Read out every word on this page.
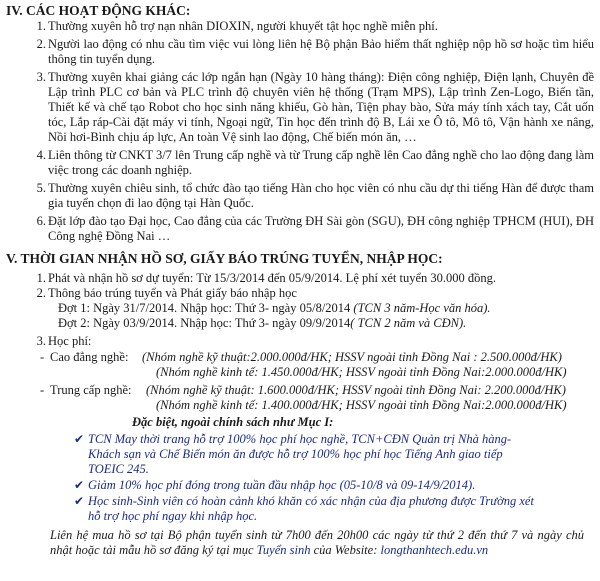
IV. CÁC HOẠT ĐỘNG KHÁC:

1. Thường xuyên hỗ trợ nạn nhân DIOXIN, người khuyết tật học nghề miễn phí.
2. Người lao động có nhu cầu tìm việc vui lòng liên hệ Bộ phận Bảo hiểm thất nghiệp nộp hồ sơ hoặc tìm hiểu thông tin tuyển dụng.
3. Thường xuyên khai giảng các lớp ngắn hạn (Ngày 10 hàng tháng): Điện công nghiệp, Điện lạnh, Chuyên đề Lập trình PLC cơ bản và PLC trình độ chuyên viên hệ thống (Trạm MPS), Lập trình Zen-Logo, Biến tần, Thiết kế và chế tạo Robot cho học sinh năng khiếu, Gò hàn, Tiện phay bào, Sửa máy tính xách tay, Cắt uốn tóc, Lắp ráp-Cài đặt máy vi tính, Ngoại ngữ, Tin học đến trình độ B, Lái xe Ô tô, Mô tô, Vận hành xe nâng, Nồi hơi-Bình chịu áp lực, An toàn Vệ sinh lao động, Chế biến món ăn, …
4. Liên thông từ CNKT 3/7 lên Trung cấp nghề và từ Trung cấp nghề lên Cao đẳng nghề cho lao động đang làm việc trong các doanh nghiệp.
5. Thường xuyên chiêu sinh, tổ chức đào tạo tiếng Hàn cho học viên có nhu cầu dự thi tiếng Hàn để được tham gia tuyển chọn đi lao động tại Hàn Quốc.
6. Đặt lớp đào tạo Đại học, Cao đẳng của các Trường ĐH Sài gòn (SGU), ĐH công nghiệp TPHCM (HUI), ĐH Công nghệ Đồng Nai …

V. THỜI GIAN NHẬN HỒ SƠ, GIẤY BÁO TRÚNG TUYỂN, NHẬP HỌC:

1. Phát và nhận hồ sơ dự tuyển: Từ 15/3/2014 đến 05/9/2014. Lệ phí xét tuyển 30.000 đồng.
2. Thông báo trúng tuyển và Phát giấy báo nhập học
Đợt 1: Ngày 31/7/2014. Nhập học: Thứ 3- ngày 05/8/2014 (TCN 3 năm-Học văn hóa).
Đợt 2: Ngày 03/9/2014. Nhập học: Thứ 3- ngày 09/9/2014( TCN 2 năm và CĐN).
3. Học phí:
- Cao đẳng nghề: (Nhóm nghề kỹ thuật:2.000.000đ/HK; HSSV ngoài tỉnh Đồng Nai : 2.500.000đ/HK)
(Nhóm nghề kinh tế: 1.450.000đ/HK; HSSV ngoài tỉnh Đồng Nai:2.000.000đ/HK)
- Trung cấp nghề: (Nhóm nghề kỹ thuật: 1.600.000đ/HK; HSSV ngoài tỉnh Đồng Nai: 2.200.000đ/HK)
(Nhóm nghề kinh tế: 1.400.000đ/HK; HSSV ngoài tỉnh Đồng Nai:2.000.000đ/HK)
Đặc biệt, ngoài chính sách như Mục I:
✔ TCN May thời trang hỗ trợ 100% học phí học nghề, TCN+CĐN Quản trị Nhà hàng-Khách sạn và Chế Biến món ăn được hỗ trợ 100% học phí học Tiếng Anh giao tiếp TOEIC 245.
✔ Giảm 10% học phí đóng trong tuần đầu nhập học (05-10/8 và 09-14/9/2014).
✔ Học sinh-Sinh viên có hoàn cảnh khó khăn có xác nhận của địa phương được Trường xét hỗ trợ học phí ngay khi nhập học.
Liên hệ mua hồ sơ tại Bộ phận tuyển sinh từ 7h00 đến 20h00 các ngày từ thứ 2 đến thứ 7 và ngày chủ nhật hoặc tải mẫu hồ sơ đăng ký tại mục Tuyển sinh của Website: longthanhtech.edu.vn
